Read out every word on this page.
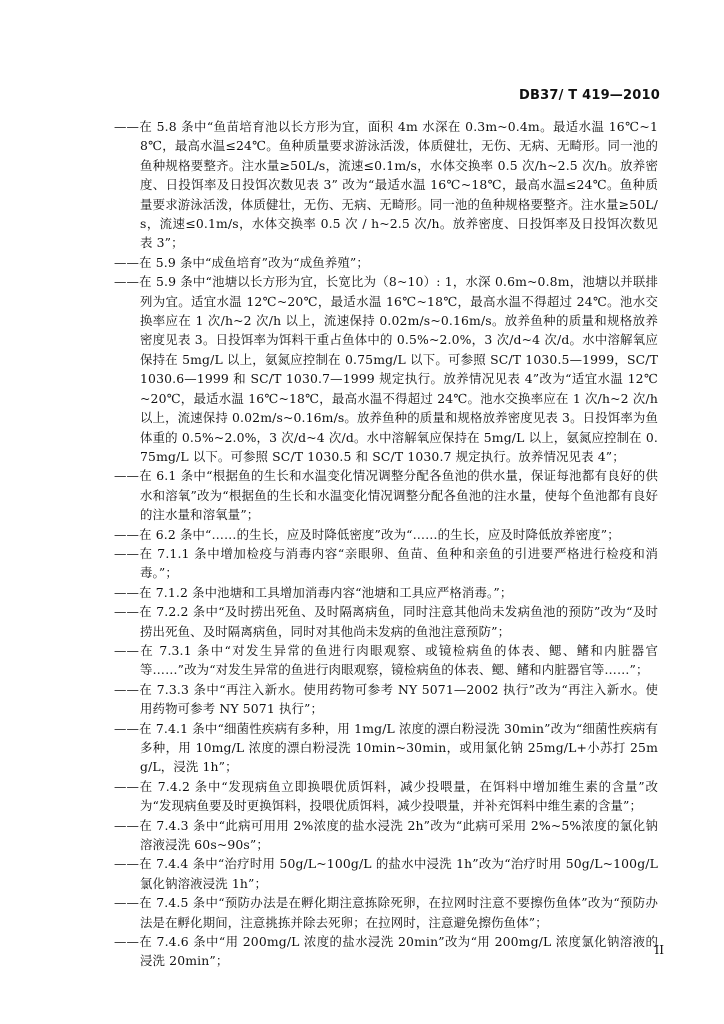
DB37/ T 419—2010

——在 5.8 条中“鱼苗培育池以长方形为宜，面积 4m 水深在 0.3m~0.4m。最适水温 16℃~18℃，最高水温≤24℃。鱼种质量要求游泳活泼，体质健壮，无伤、无病、无畸形。同一池的鱼种规格要整齐。注水量≥50L/s，流速≤0.1m/s，水体交换率 0.5 次/h~2.5 次/h。放养密度、日投饵率及日投饵次数见表 3” 改为“最适水温 16℃~18℃，最高水温≤24℃。鱼种质量要求游泳活泼，体质健壮，无伤、无病、无畸形。同一池的鱼种规格要整齐。注水量≥50L/s，流速≤0.1m/s，水体交换率 0.5 次 / h~2.5 次/h。放养密度、日投饵率及日投饵次数见表 3”；

——在 5.9 条中“成鱼培育”改为“成鱼养殖”；

——在 5.9 条中“池塘以长方形为宜，长宽比为（8~10）: 1，水深 0.6m~0.8m，池塘以并联排列为宜。适宜水温 12℃~20℃，最适水温 16℃~18℃，最高水温不得超过 24℃。池水交换率应在 1 次/h~2 次/h 以上，流速保持 0.02m/s~0.16m/s。放养鱼种的质量和规格放养密度见表 3。日投饵率为饵料干重占鱼体中的 0.5%~2.0%，3 次/d~4 次/d。水中溶解氧应保持在 5mg/L 以上，氨氮应控制在 0.75mg/L 以下。可参照 SC/T 1030.5—1999，SC/T 1030.6—1999 和 SC/T 1030.7—1999 规定执行。放养情况见表 4”改为“适宜水温 12℃~20℃，最适水温 16℃~18℃，最高水温不得超过 24℃。池水交换率应在 1 次/h~2 次/h 以上，流速保持 0.02m/s~0.16m/s。放养鱼种的质量和规格放养密度见表 3。日投饵率为鱼体重的 0.5%~2.0%，3 次/d~4 次/d。水中溶解氧应保持在 5mg/L 以上，氨氮应控制在 0.75mg/L 以下。可参照 SC/T 1030.5 和 SC/T 1030.7 规定执行。放养情况见表 4”；

——在 6.1 条中“根据鱼的生长和水温变化情况调整分配各鱼池的供水量，保证每池都有良好的供水和溶氧”改为“根据鱼的生长和水温变化情况调整分配各鱼池的注水量，使每个鱼池都有良好的注水量和溶氧量”；

——在 6.2 条中“……的生长，应及时降低密度”改为“……的生长，应及时降低放养密度”；

——在 7.1.1 条中增加检疫与消毒内容“亲眼卵、鱼苗、鱼种和亲鱼的引进要严格进行检疫和消毒。”；

——在 7.1.2 条中池塘和工具增加消毒内容“池塘和工具应严格消毒。”；

——在 7.2.2 条中“及时捞出死鱼、及时隔离病鱼，同时注意其他尚未发病鱼池的预防”改为“及时捞出死鱼、及时隔离病鱼，同时对其他尚未发病的鱼池注意预防”；

——在 7.3.1 条中“对发生异常的鱼进行肉眼观察、或镜检病鱼的体表、鳃、鳍和内脏器官等……”改为“对发生异常的鱼进行肉眼观察，镜检病鱼的体表、鳃、鳍和内脏器官等……”；

——在 7.3.3 条中“再注入新水。使用药物可参考 NY 5071—2002 执行”改为“再注入新水。使用药物可参考 NY 5071 执行”；

——在 7.4.1 条中“细菌性疾病有多种，用 1mg/L 浓度的漂白粉浸洗 30min”改为“细菌性疾病有多种，用 10mg/L 浓度的漂白粉浸洗 10min~30min，或用氯化钠 25mg/L+小苏打 25mg/L，浸洗 1h”；

——在 7.4.2 条中“发现病鱼立即换喂优质饵料，减少投喂量，在饵料中增加维生素的含量”改为“发现病鱼要及时更换饵料，投喂优质饵料，减少投喂量，并补充饵料中维生素的含量”；

——在 7.4.3 条中“此病可用用 2%浓度的盐水浸洗 2h”改为“此病可采用 2%~5%浓度的氯化钠溶液浸洗 60s~90s”；

——在 7.4.4 条中“治疗时用 50g/L~100g/L 的盐水中浸洗 1h”改为“治疗时用 50g/L~100g/L 氯化钠溶液浸洗 1h”；

——在 7.4.5 条中“预防办法是在孵化期注意拣除死卵，在拉网时注意不要擦伤鱼体”改为“预防办法是在孵化期间，注意挑拣并除去死卵；在拉网时，注意避免擦伤鱼体”；

——在 7.4.6 条中“用 200mg/L 浓度的盐水浸洗 20min”改为“用 200mg/L 浓度氯化钠溶液的浸洗 20min”；

II
